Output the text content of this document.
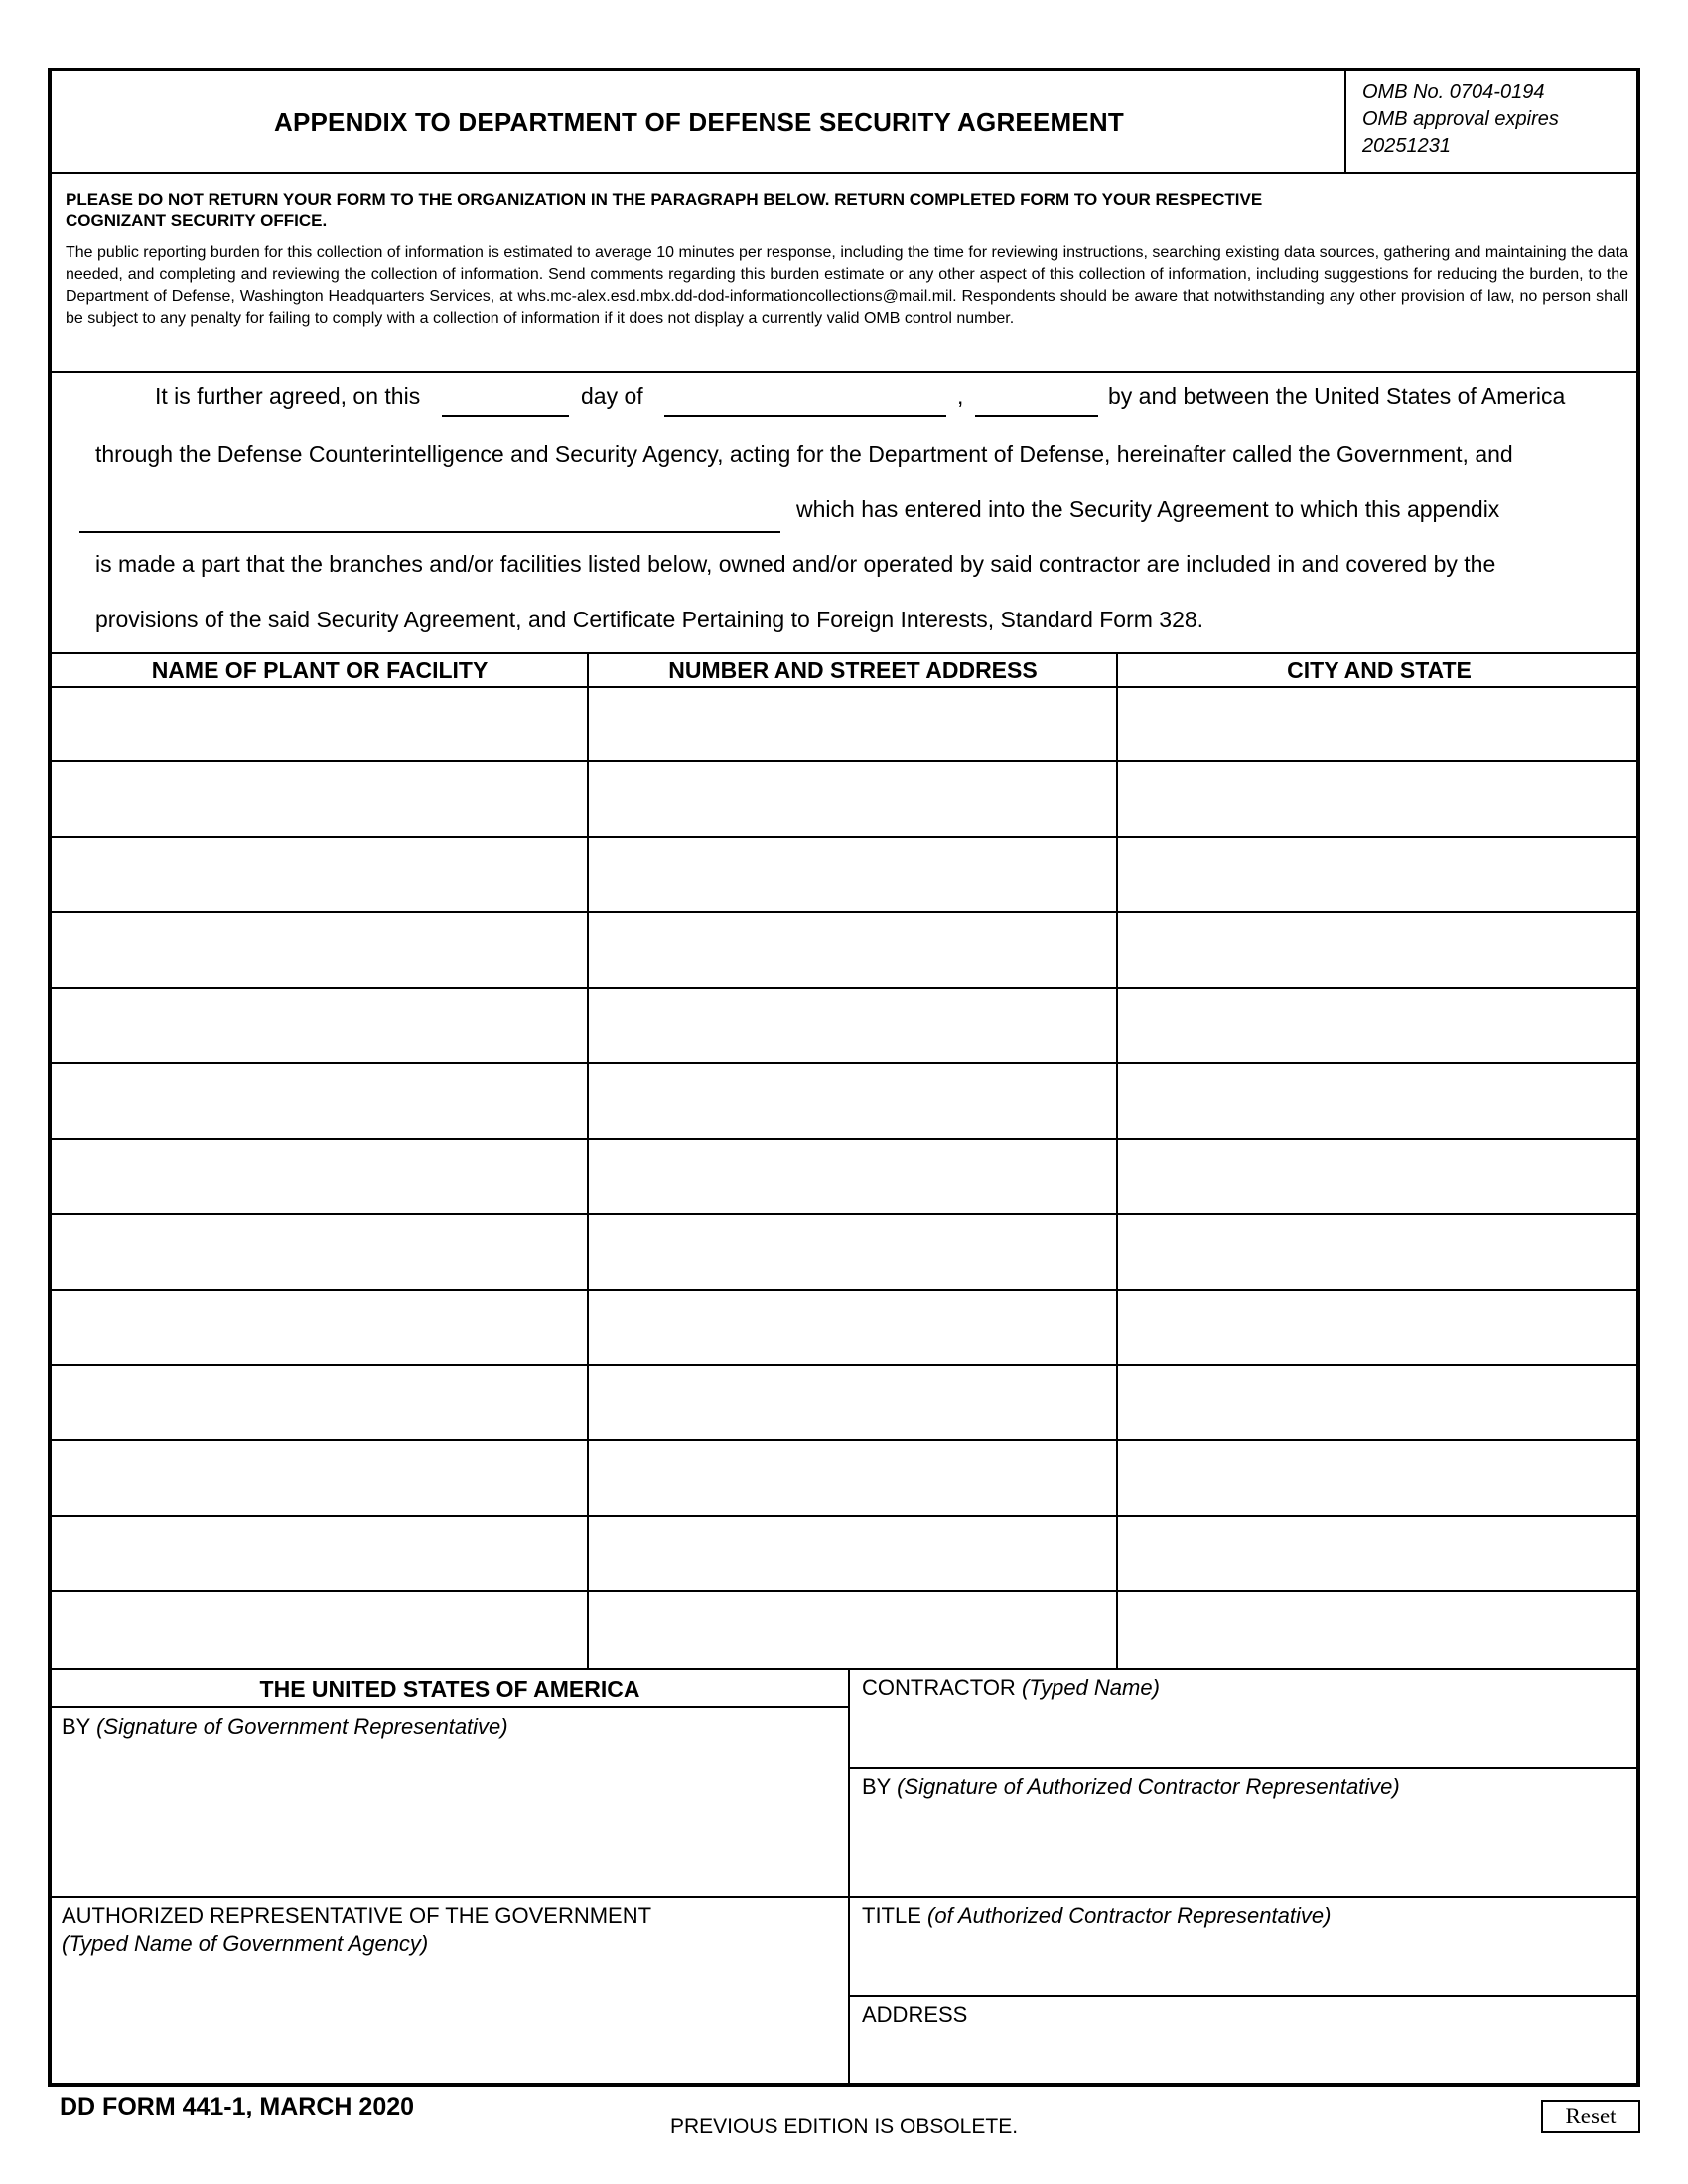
APPENDIX TO DEPARTMENT OF DEFENSE SECURITY AGREEMENT
OMB No. 0704-0194
OMB approval expires
20251231
PLEASE DO NOT RETURN YOUR FORM TO THE ORGANIZATION IN THE PARAGRAPH BELOW. RETURN COMPLETED FORM TO YOUR RESPECTIVE
COGNIZANT SECURITY OFFICE.
The public reporting burden for this collection of information is estimated to average 10 minutes per response, including the time for reviewing instructions, searching existing data sources, gathering and maintaining the data needed, and completing and reviewing the collection of information. Send comments regarding this burden estimate or any other aspect of this collection of information, including suggestions for reducing the burden, to the Department of Defense, Washington Headquarters Services, at whs.mc-alex.esd.mbx.dd-dod-informationcollections@mail.mil. Respondents should be aware that notwithstanding any other provision of law, no person shall be subject to any penalty for failing to comply with a collection of information if it does not display a currently valid OMB control number.
It is further agreed, on this	day of	,	by and between the United States of America
through the Defense Counterintelligence and Security Agency, acting for the Department of Defense, hereinafter called the Government, and
which has entered into the Security Agreement to which this appendix
is made a part that the branches and/or facilities listed below, owned and/or operated by said contractor are included in and covered by the
provisions of the said Security Agreement, and Certificate Pertaining to Foreign Interests, Standard Form 328.
NAME OF PLANT OR FACILITY	NUMBER AND STREET ADDRESS	CITY AND STATE
THE UNITED STATES OF AMERICA
BY (Signature of Government Representative)
AUTHORIZED REPRESENTATIVE OF THE GOVERNMENT
(Typed Name of Government Agency)
CONTRACTOR (Typed Name)
BY (Signature of Authorized Contractor Representative)
TITLE (of Authorized Contractor Representative)
ADDRESS
DD FORM 441-1, MARCH 2020
PREVIOUS EDITION IS OBSOLETE.	Reset
